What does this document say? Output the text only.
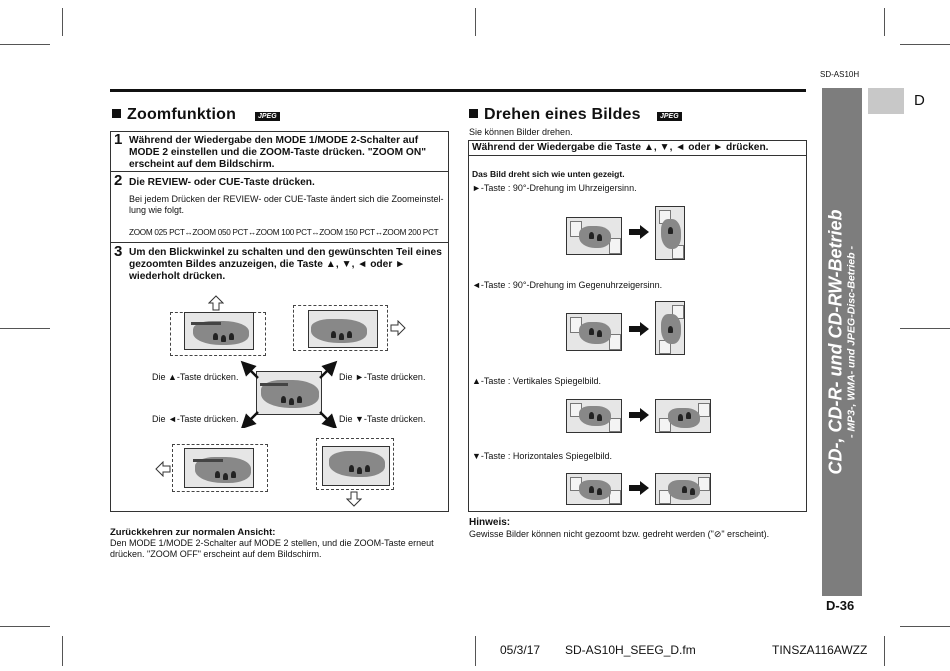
SD-AS10H
D
Zoomfunktion	JPEG
1 Während der Wiedergabe den MODE 1/MODE 2-Schalter auf MODE 2 einstellen und die ZOOM-Taste drücken. "ZOOM ON" erscheint auf dem Bildschirm.
2 Die REVIEW- oder CUE-Taste drücken.
Bei jedem Drücken der REVIEW- oder CUE-Taste ändert sich die Zoomeinstel-lung wie folgt.
ZOOM 025 PCT↔ZOOM 050 PCT↔ZOOM 100 PCT↔ZOOM 150 PCT↔ZOOM 200 PCT
3 Um den Blickwinkel zu schalten und den gewünschten Teil eines gezoomten Bildes anzuzeigen, die Taste ▲, ▼, ◄ oder ► wiederholt drücken.
Die ▲-Taste drücken.	Die ►-Taste drücken.
Die ◄-Taste drücken.	Die ▼-Taste drücken.
Zurückkehren zur normalen Ansicht:
Den MODE 1/MODE 2-Schalter auf MODE 2 stellen, und die ZOOM-Taste erneut drücken. "ZOOM OFF" erscheint auf dem Bildschirm.
Drehen eines Bildes	JPEG
Sie können Bilder drehen.
Während der Wiedergabe die Taste ▲, ▼, ◄ oder ► drücken.
Das Bild dreht sich wie unten gezeigt.
►-Taste : 90°-Drehung im Uhrzeigersinn.
◄-Taste : 90°-Drehung im Gegenuhrzeigersinn.
▲-Taste : Vertikales Spiegelbild.
▼-Taste : Horizontales Spiegelbild.
Hinweis:
Gewisse Bilder können nicht gezoomt bzw. gedreht werden ("⊘" erscheint).
CD-, CD-R- und CD-RW-Betrieb - MP3-, WMA- und JPEG-Disc-Betrieb -
D-36
05/3/17 SD-AS10H_SEEG_D.fm	TINSZA116AWZZ
